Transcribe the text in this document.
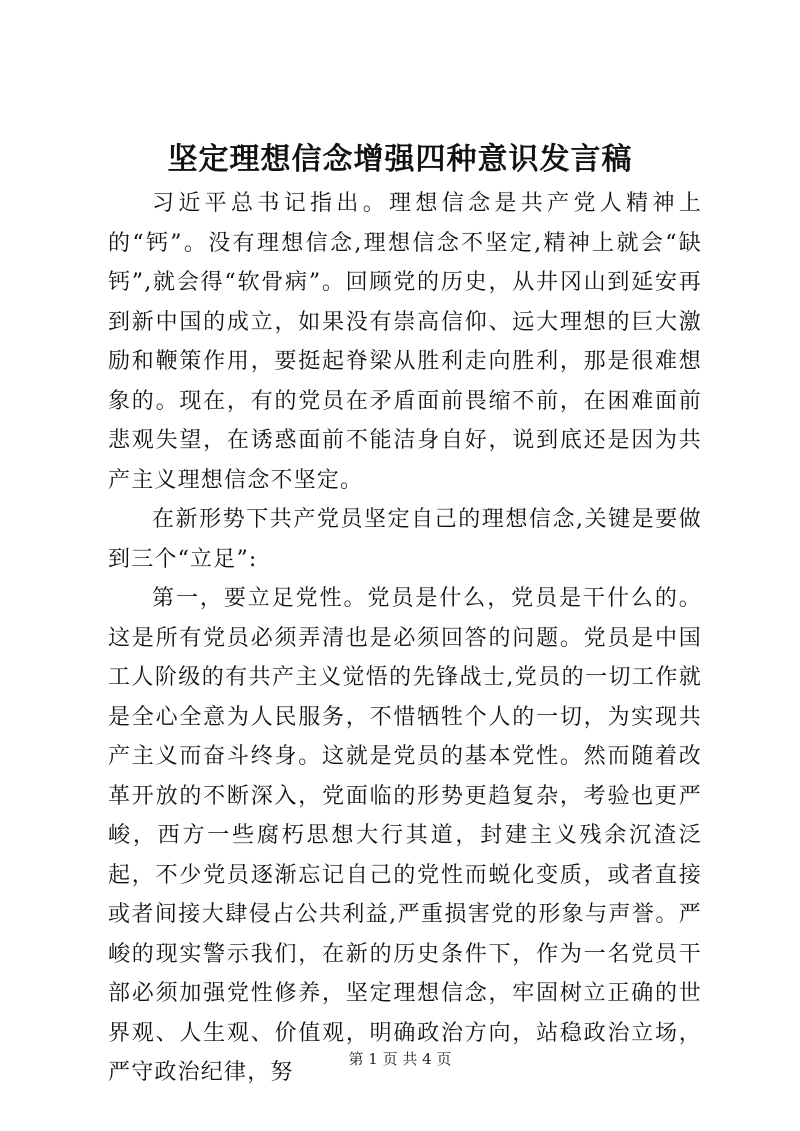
坚定理想信念增强四种意识发言稿

习近平总书记指出。理想信念是共产党人精神上的“钙”。没有理想信念,理想信念不坚定,精神上就会“缺钙”,就会得“软骨病”。回顾党的历史，从井冈山到延安再到新中国的成立，如果没有崇高信仰、远大理想的巨大激励和鞭策作用，要挺起脊梁从胜利走向胜利，那是很难想象的。现在，有的党员在矛盾面前畏缩不前，在困难面前悲观失望，在诱惑面前不能洁身自好，说到底还是因为共产主义理想信念不坚定。

在新形势下共产党员坚定自己的理想信念,关键是要做到三个“立足”:

第一，要立足党性。党员是什么，党员是干什么的。这是所有党员必须弄清也是必须回答的问题。党员是中国工人阶级的有共产主义觉悟的先锋战士,党员的一切工作就是全心全意为人民服务，不惜牺牲个人的一切，为实现共产主义而奋斗终身。这就是党员的基本党性。然而随着改革开放的不断深入，党面临的形势更趋复杂，考验也更严峻，西方一些腐朽思想大行其道，封建主义残余沉渣泛起，不少党员逐渐忘记自己的党性而蜕化变质，或者直接或者间接大肆侵占公共利益,严重损害党的形象与声誉。严峻的现实警示我们，在新的历史条件下，作为一名党员干部必须加强党性修养，坚定理想信念，牢固树立正确的世界观、人生观、价值观，明确政治方向，站稳政治立场，严守政治纪律，努

第 1 页 共 4 页
